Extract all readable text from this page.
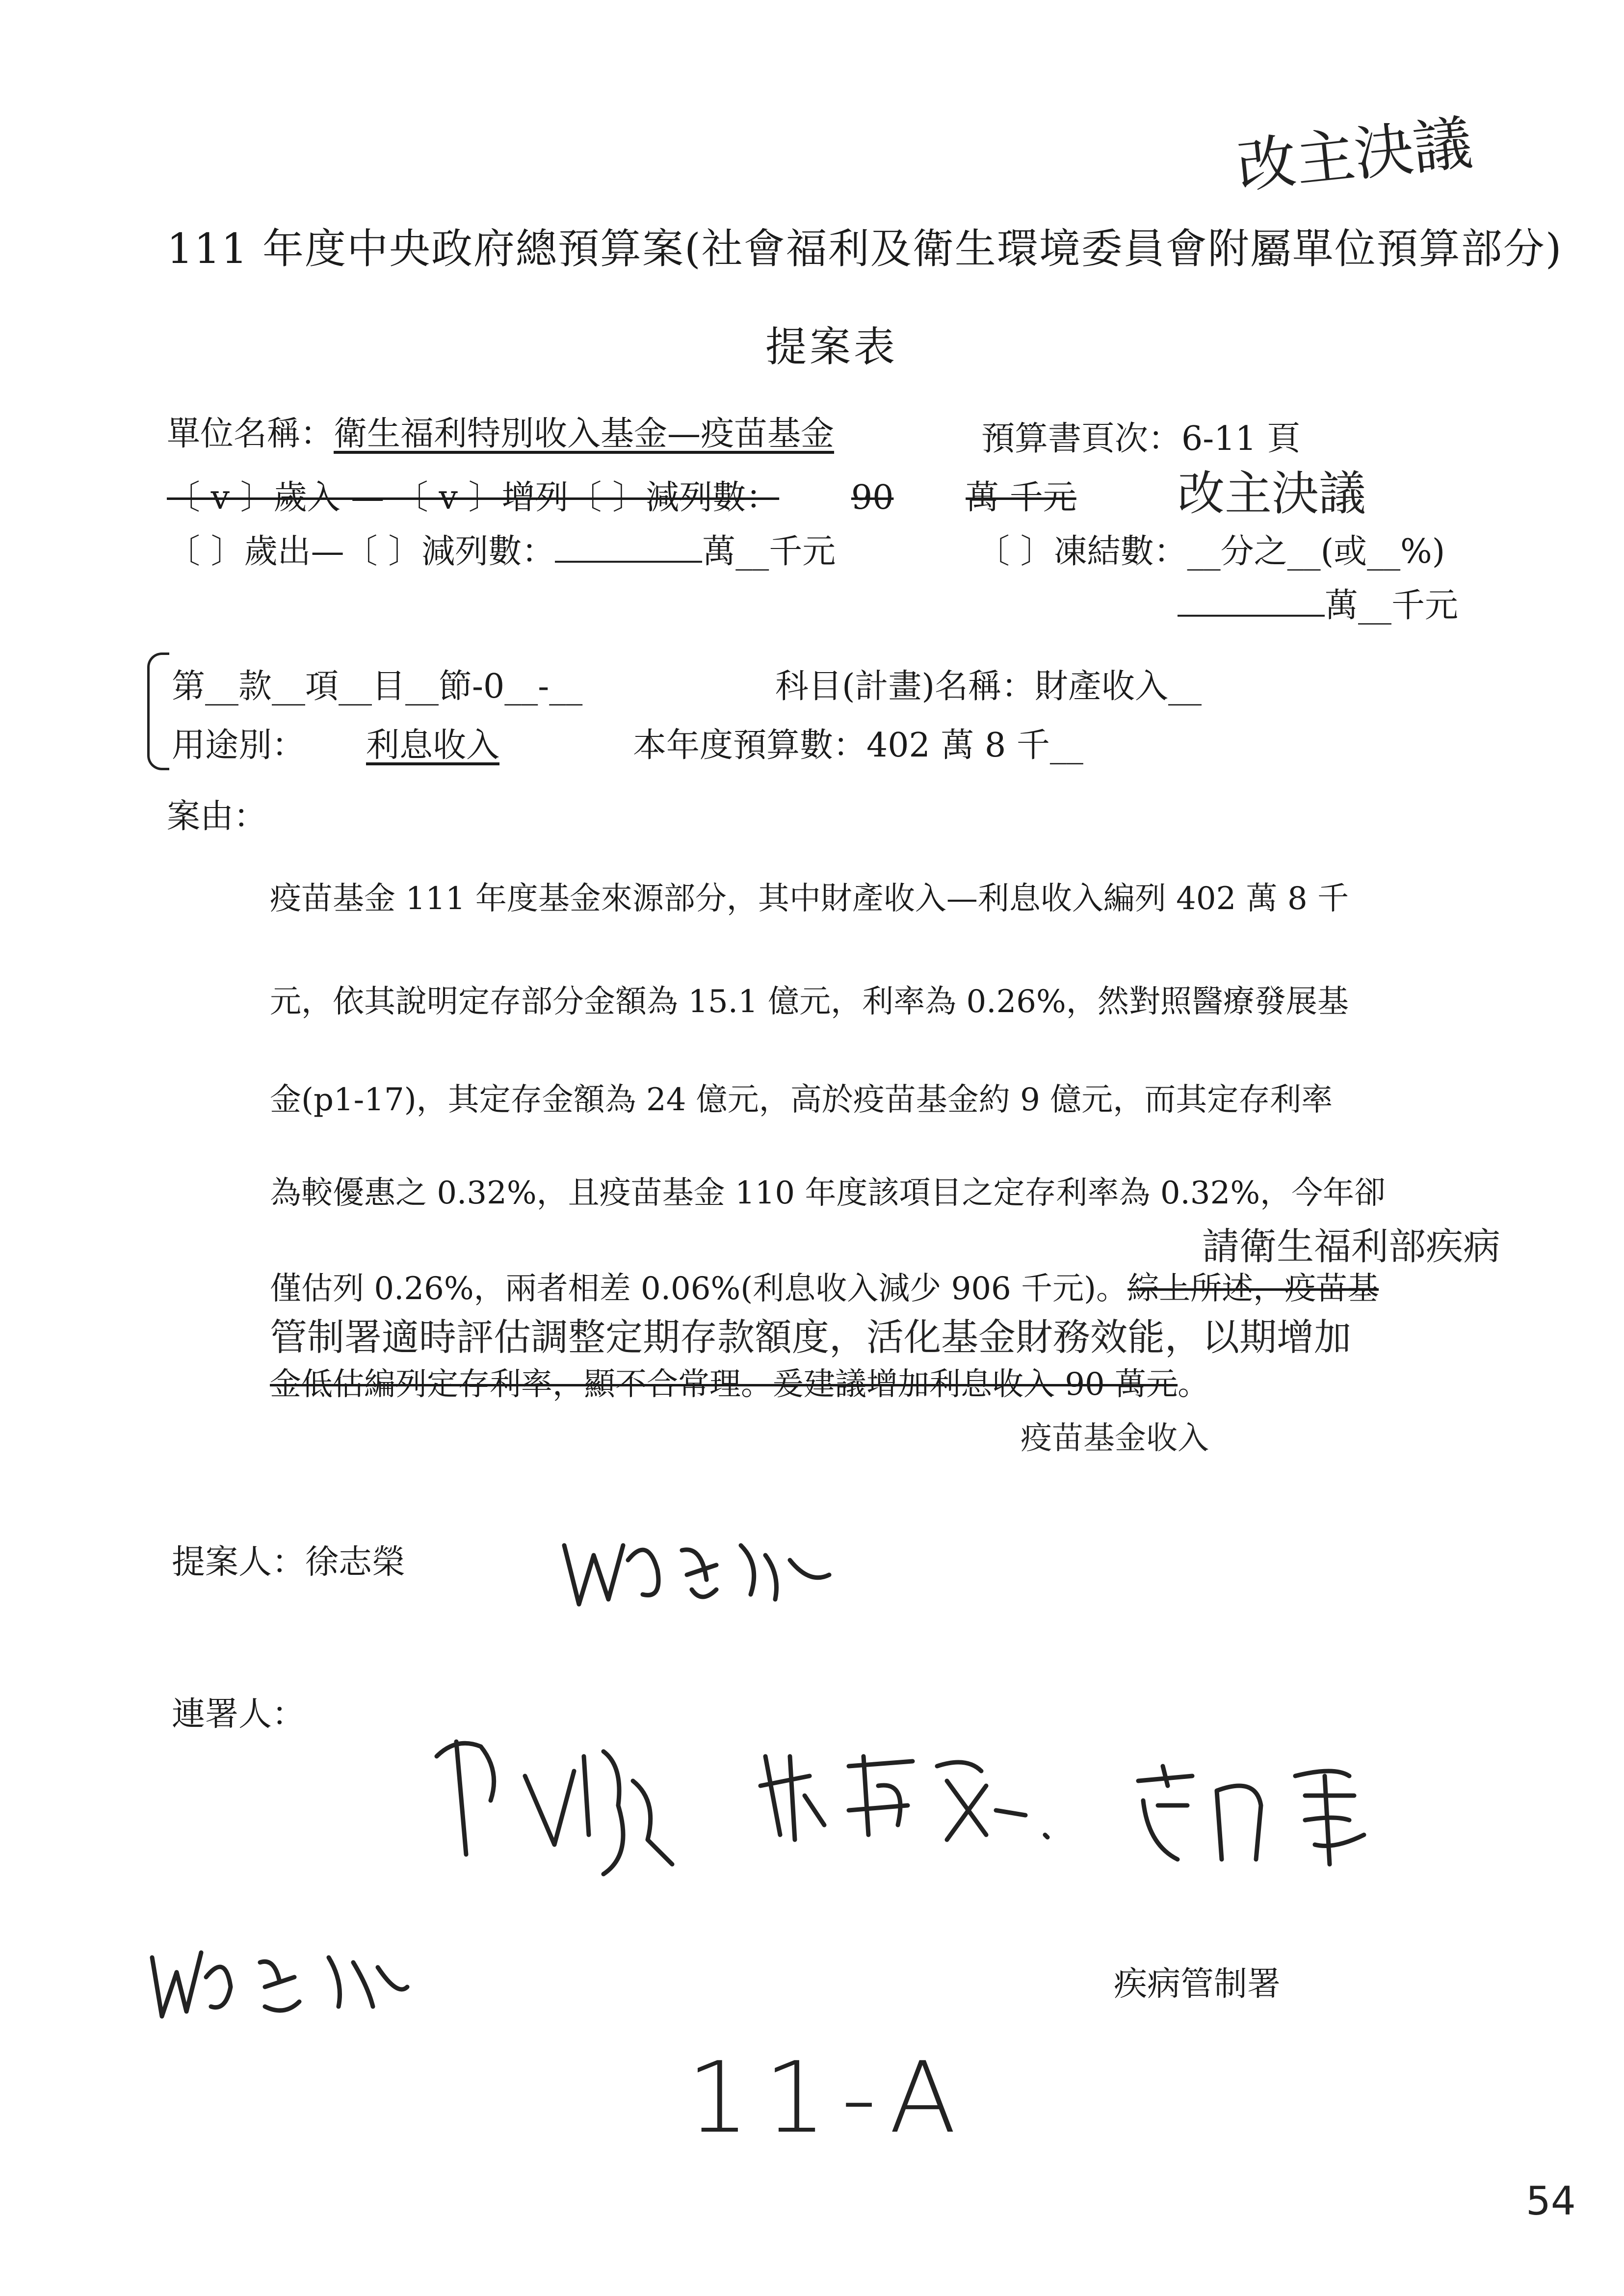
改主決議
111 年度中央政府總預算案(社會福利及衛生環境委員會附屬單位預算部分)
提案表
單位名稱：衛生福利特別收入基金—疫苗基金	預算書頁次：6-11 頁
〔 v 〕歲入 — 〔 v 〕增列〔 〕減列數： 90 萬 千元 改主決議
〔 〕歲出—〔 〕減列數：	萬__千元	〔 〕凍結數：__分之__(或__%)
萬__千元
第__款__項__目__節-0__-__	科目(計畫)名稱：財產收入__
用途別： 利息收入	本年度預算數：402 萬 8 千__
案由：
疫苗基金 111 年度基金來源部分，其中財產收入—利息收入編列 402 萬 8 千
元，依其說明定存部分金額為 15.1 億元，利率為 0.26%，然對照醫療發展基
金(p1-17)，其定存金額為 24 億元，高於疫苗基金約 9 億元，而其定存利率
為較優惠之 0.32%，且疫苗基金 110 年度該項目之定存利率為 0.32%，今年卻
請衛生福利部疾病
僅估列 0.26%，兩者相差 0.06%(利息收入減少 906 千元)。綜上所述，疫苗基
管制署適時評估調整定期存款額度，活化基金財務效能，以期增加
金低估編列定存利率，顯不合常理。爰建議增加利息收入 90 萬元。
疫苗基金收入
提案人：徐志榮
連署人：
疾病管制署
11-A
54
